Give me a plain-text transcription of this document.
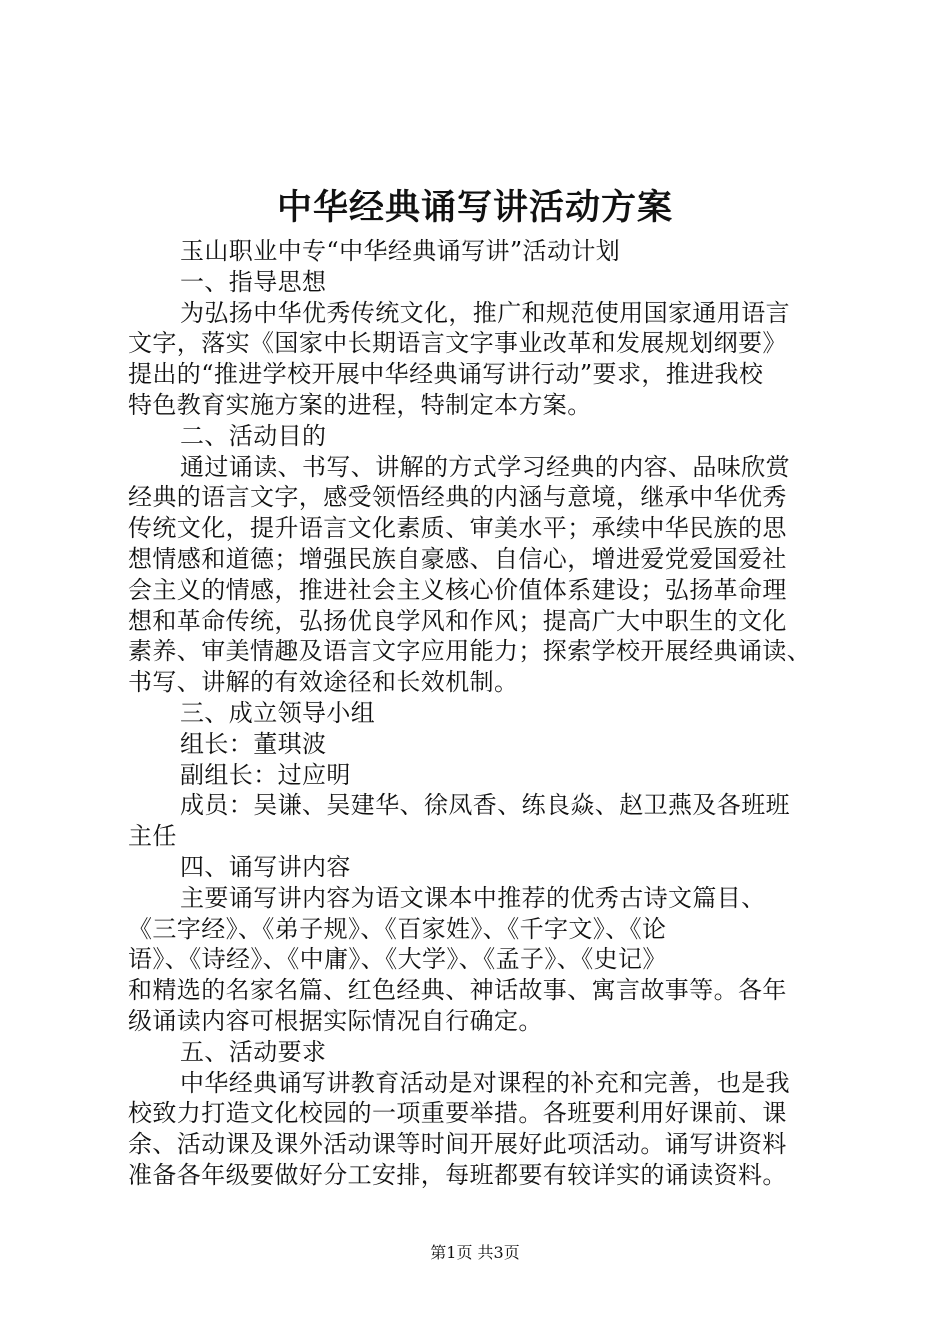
中华经典诵写讲活动方案
玉山职业中专“中华经典诵写讲”活动计划
一、指导思想
为弘扬中华优秀传统文化，推广和规范使用国家通用语言
文字，落实《国家中长期语言文字事业改革和发展规划纲要》
提出的“推进学校开展中华经典诵写讲行动”要求，推进我校
特色教育实施方案的进程，特制定本方案。
二、活动目的
通过诵读、书写、讲解的方式学习经典的内容、品味欣赏
经典的语言文字，感受领悟经典的内涵与意境，继承中华优秀
传统文化，提升语言文化素质、审美水平；承续中华民族的思
想情感和道德；增强民族自豪感、自信心，增进爱党爱国爱社
会主义的情感，推进社会主义核心价值体系建设；弘扬革命理
想和革命传统，弘扬优良学风和作风；提高广大中职生的文化
素养、审美情趣及语言文字应用能力；探索学校开展经典诵读、
书写、讲解的有效途径和长效机制。
三、成立领导小组
组长：董琪波
副组长：过应明
成员：吴谦、吴建华、徐凤香、练良焱、赵卫燕及各班班
主任
四、诵写讲内容
主要诵写讲内容为语文课本中推荐的优秀古诗文篇目、
《三字经》、《弟子规》、《百家姓》、《千字文》、《论
语》、《诗经》、《中庸》、《大学》、《孟子》、《史记》
和精选的名家名篇、红色经典、神话故事、寓言故事等。各年
级诵读内容可根据实际情况自行确定。
五、活动要求
中华经典诵写讲教育活动是对课程的补充和完善，也是我
校致力打造文化校园的一项重要举措。各班要利用好课前、课
余、活动课及课外活动课等时间开展好此项活动。诵写讲资料
准备各年级要做好分工安排，每班都要有较详实的诵读资料。
第1页 共3页
